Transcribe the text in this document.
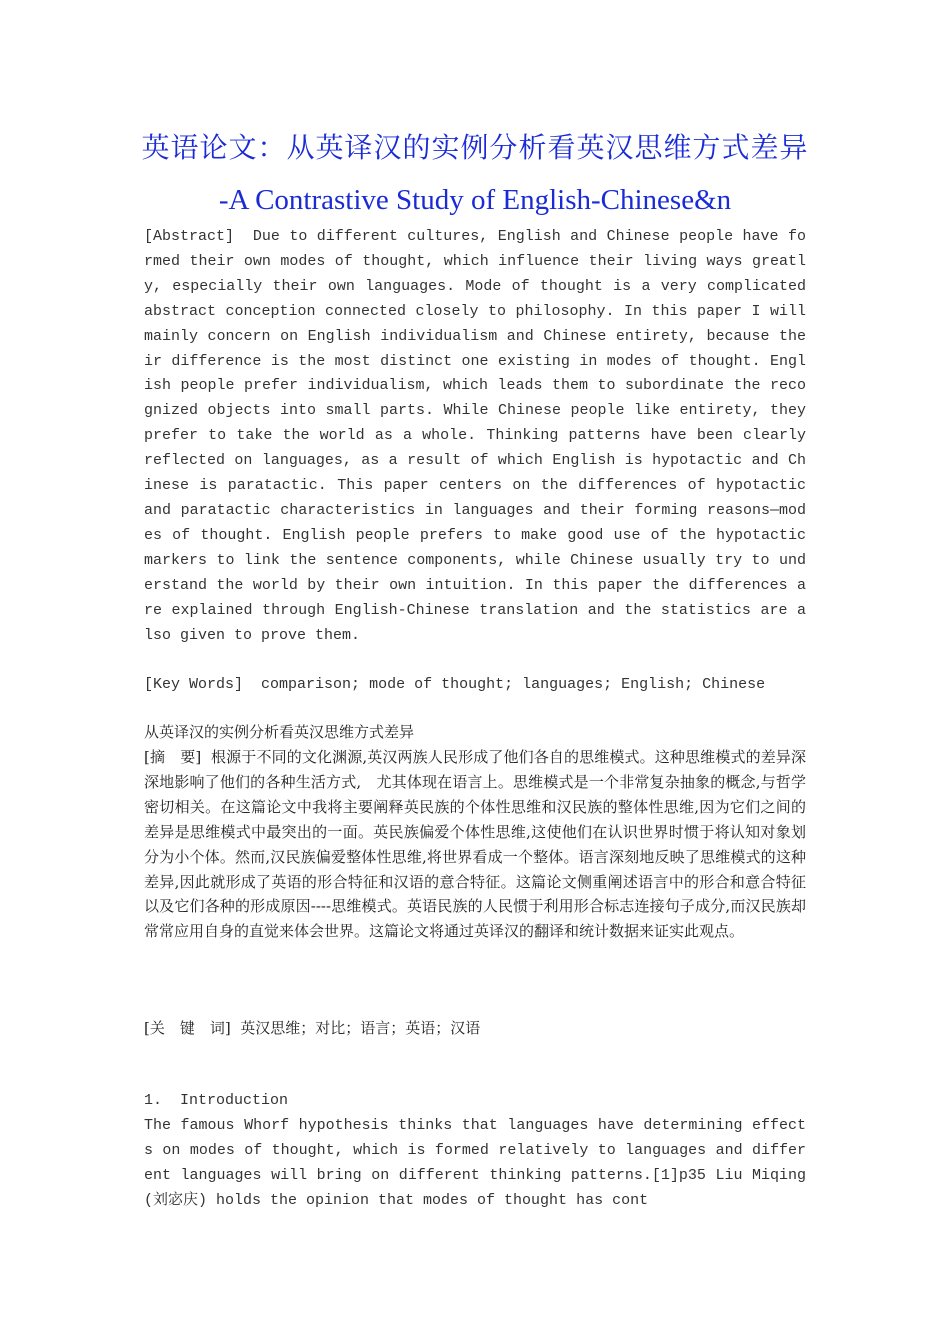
英语论文：从英译汉的实例分析看英汉思维方式差异
-A Contrastive Study of English-Chinese&n
[Abstract] Due to different cultures, English and Chinese people have formed their own modes of thought, which influence their living ways greatly, especially their own languages. Mode of thought is a very complicated abstract conception connected closely to philosophy. In this paper I will mainly concern on English individualism and Chinese entirety, because their difference is the most distinct one existing in modes of thought. English people prefer individualism, which leads them to subordinate the recognized objects into small parts. While Chinese people like entirety, they prefer to take the world as a whole. Thinking patterns have been clearly reflected on languages, as a result of which English is hypotactic and Chinese is paratactic. This paper centers on the differences of hypotactic and paratactic characteristics in languages and their forming reasons—modes of thought. English people prefers to make good use of the hypotactic markers to link the sentence components, while Chinese usually try to understand the world by their own intuition. In this paper the differences are explained through English-Chinese translation and the statistics are also given to prove them.
[Key Words] comparison; mode of thought; languages; English; Chinese
从英译汉的实例分析看英汉思维方式差异
[摘　要] 根源于不同的文化渊源,英汉两族人民形成了他们各自的思维模式。这种思维模式的差异深深地影响了他们的各种生活方式,　尤其体现在语言上。思维模式是一个非常复杂抽象的概念,与哲学密切相关。在这篇论文中我将主要阐释英民族的个体性思维和汉民族的整体性思维,因为它们之间的差异是思维模式中最突出的一面。英民族偏爱个体性思维,这使他们在认识世界时惯于将认知对象划分为小个体。然而,汉民族偏爱整体性思维,将世界看成一个整体。语言深刻地反映了思维模式的这种差异,因此就形成了英语的形合特征和汉语的意合特征。这篇论文侧重阐述语言中的形合和意合特征以及它们各种的形成原因----思维模式。英语民族的人民惯于利用形合标志连接句子成分,而汉民族却常常应用自身的直觉来体会世界。这篇论文将通过英译汉的翻译和统计数据来证实此观点。
[关　键　词] 英汉思维；对比；语言；英语；汉语
1.  Introduction
The famous Whorf hypothesis thinks that languages have determining effects on modes of thought, which is formed relatively to languages and different languages will bring on different thinking patterns.[1]p35 Liu Miqing(刘宓庆) holds the opinion that modes of thought has cont
